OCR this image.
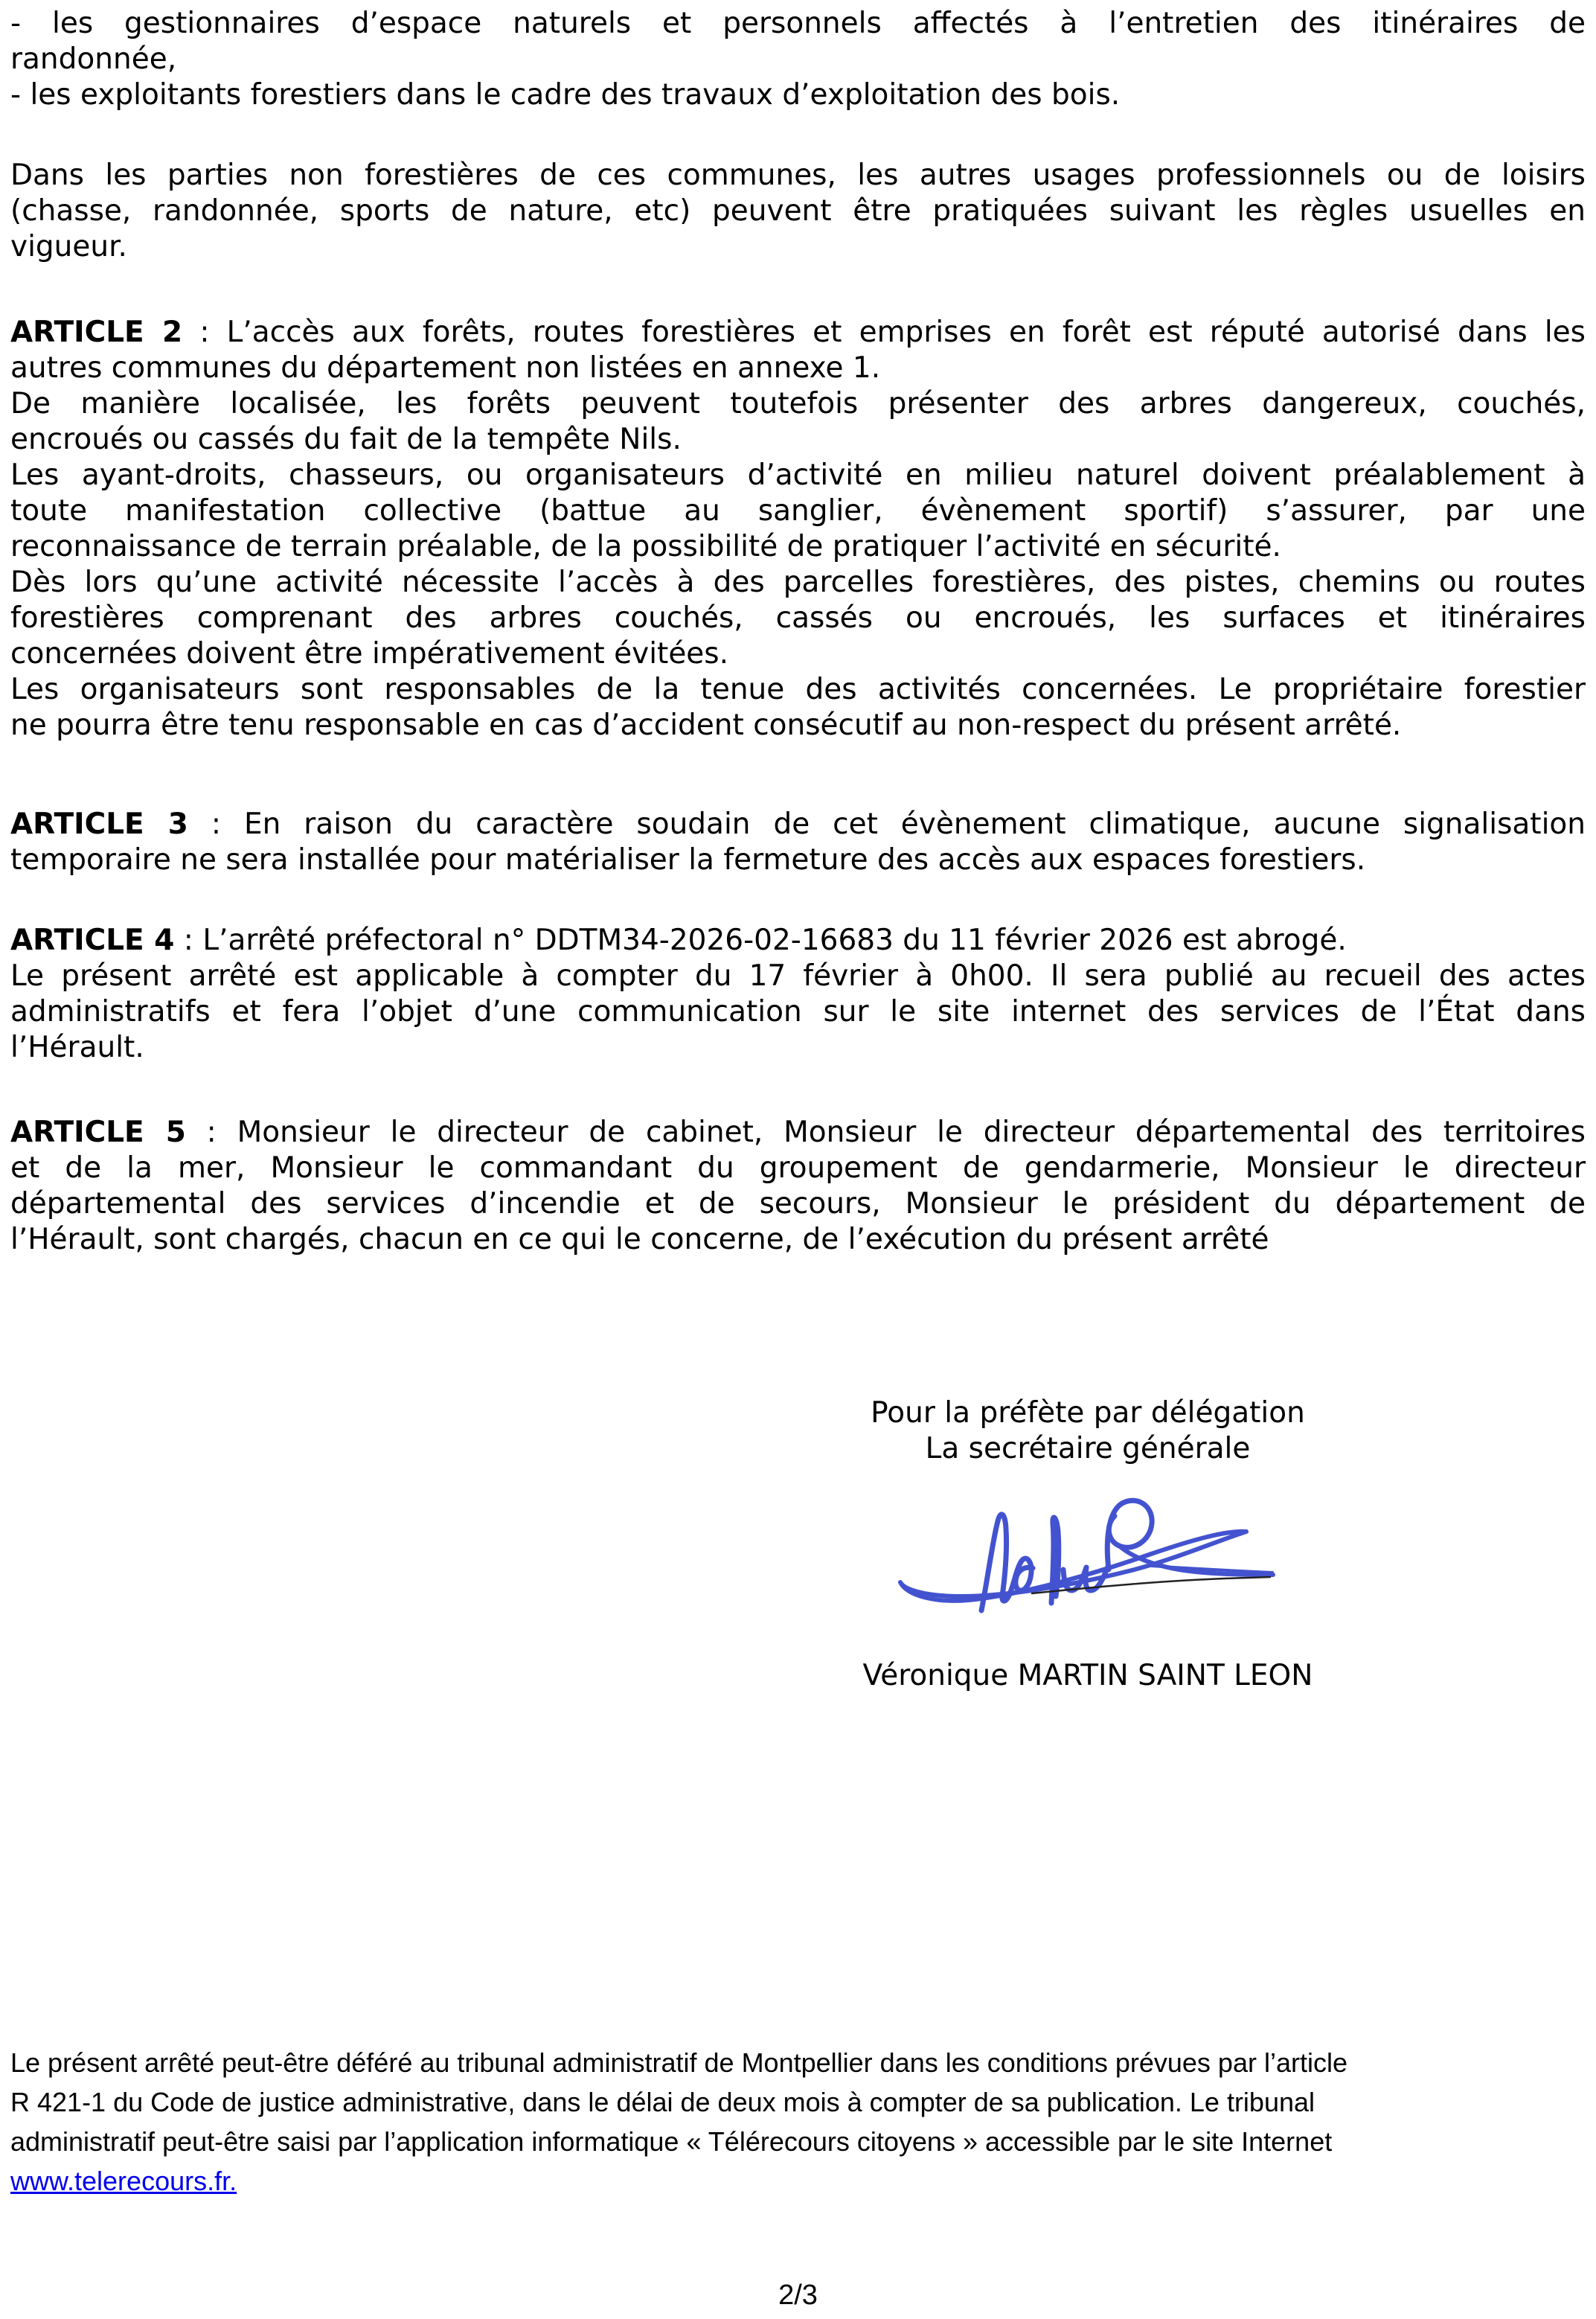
- les gestionnaires d’espace naturels et personnels affectés à l’entretien des itinéraires de
randonnée,
- les exploitants forestiers dans le cadre des travaux d’exploitation des bois.
Dans les parties non forestières de ces communes, les autres usages professionnels ou de loisirs
(chasse, randonnée, sports de nature, etc) peuvent être pratiquées suivant les règles usuelles en
vigueur.
ARTICLE 2 : L’accès aux forêts, routes forestières et emprises en forêt est réputé autorisé dans les
autres communes du département non listées en annexe 1.
De manière localisée, les forêts peuvent toutefois présenter des arbres dangereux, couchés,
encroués ou cassés du fait de la tempête Nils.
Les ayant-droits, chasseurs, ou organisateurs d’activité en milieu naturel doivent préalablement à
toute manifestation collective (battue au sanglier, évènement sportif) s’assurer, par une
reconnaissance de terrain préalable, de la possibilité de pratiquer l’activité en sécurité.
Dès lors qu’une activité nécessite l’accès à des parcelles forestières, des pistes, chemins ou routes
forestières comprenant des arbres couchés, cassés ou encroués, les surfaces et itinéraires
concernées doivent être impérativement évitées.
Les organisateurs sont responsables de la tenue des activités concernées. Le propriétaire forestier
ne pourra être tenu responsable en cas d’accident consécutif au non-respect du présent arrêté.
ARTICLE 3 : En raison du caractère soudain de cet évènement climatique, aucune signalisation
temporaire ne sera installée pour matérialiser la fermeture des accès aux espaces forestiers.
ARTICLE 4 : L’arrêté préfectoral n° DDTM34-2026-02-16683 du 11 février 2026 est abrogé.
Le présent arrêté est applicable à compter du 17 février à 0h00. Il sera publié au recueil des actes
administratifs et fera l’objet d’une communication sur le site internet des services de l’État dans
l’Hérault.
ARTICLE 5 : Monsieur le directeur de cabinet, Monsieur le directeur départemental des territoires
et de la mer, Monsieur le commandant du groupement de gendarmerie, Monsieur le directeur
départemental des services d’incendie et de secours, Monsieur le président du département de
l’Hérault, sont chargés, chacun en ce qui le concerne, de l’exécution du présent arrêté
Pour la préfète par délégation
La secrétaire générale
Véronique MARTIN SAINT LEON
Le présent arrêté peut-être déféré au tribunal administratif de Montpellier dans les conditions prévues par l’article
R 421-1 du Code de justice administrative, dans le délai de deux mois à compter de sa publication. Le tribunal
administratif peut-être saisi par l’application informatique « Télérecours citoyens » accessible par le site Internet
www.telerecours.fr.
2/3
